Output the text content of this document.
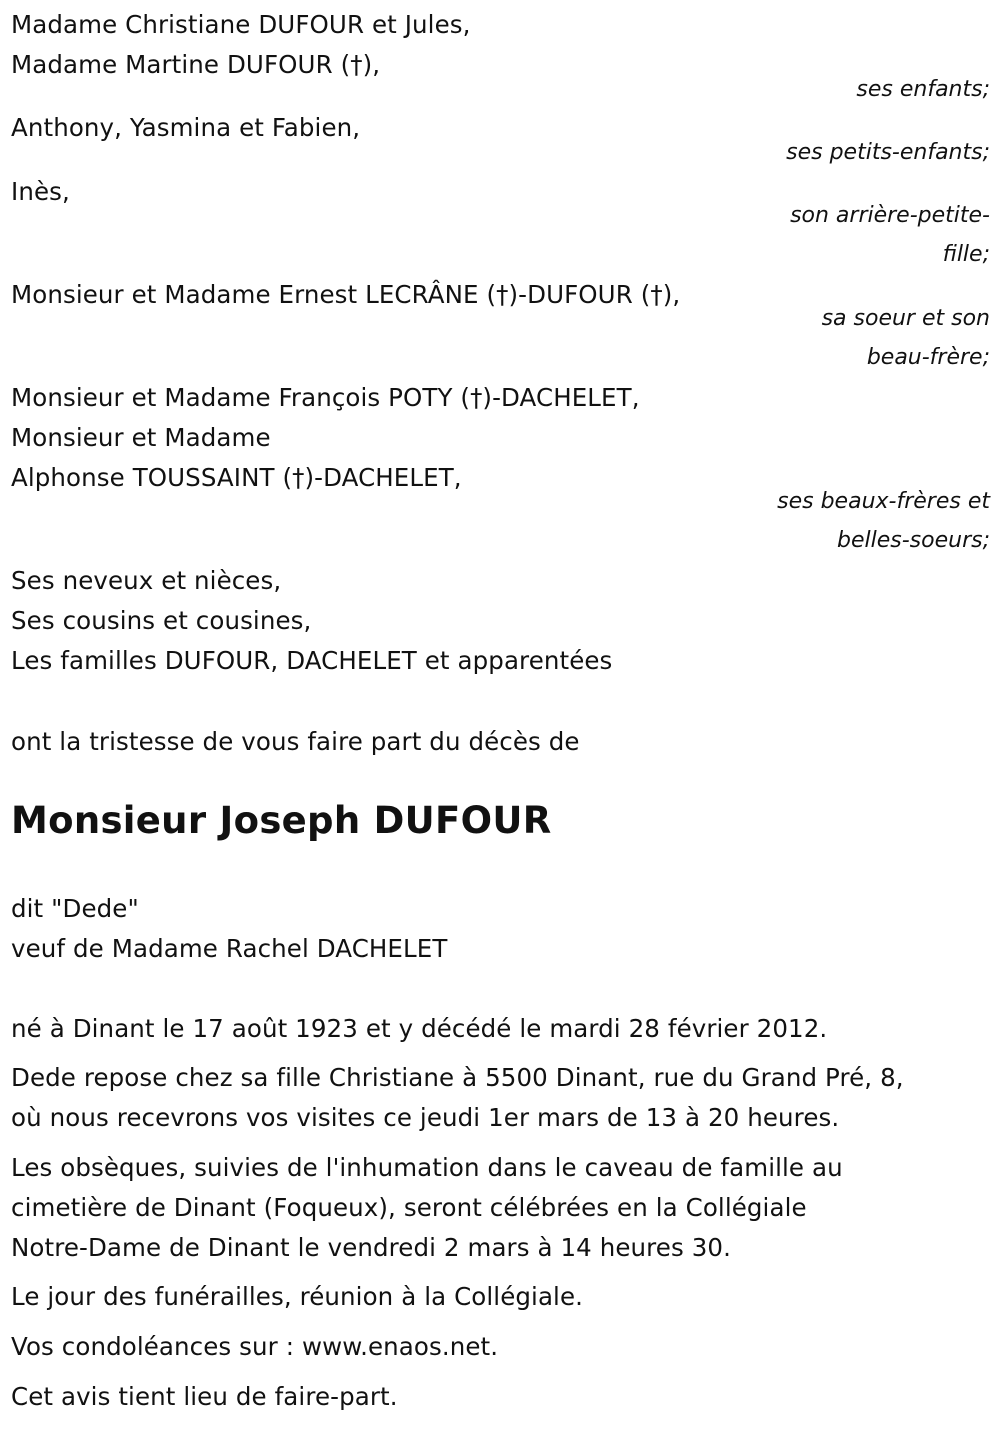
Madame Christiane DUFOUR et Jules,
Madame Martine DUFOUR (†),
ses enfants;
Anthony, Yasmina et Fabien,
ses petits-enfants;
Inès,
son arrière-petite-
fille;
Monsieur et Madame Ernest LECRÂNE (†)-DUFOUR (†),
sa soeur et son
beau-frère;
Monsieur et Madame François POTY (†)-DACHELET,
Monsieur et Madame
Alphonse TOUSSAINT (†)-DACHELET,
ses beaux-frères et
belles-soeurs;
Ses neveux et nièces,
Ses cousins et cousines,
Les familles DUFOUR, DACHELET et apparentées
ont la tristesse de vous faire part du décès de
Monsieur Joseph DUFOUR
dit "Dede"
veuf de Madame Rachel DACHELET
né à Dinant le 17 août 1923 et y décédé le mardi 28 février 2012.
Dede repose chez sa fille Christiane à 5500 Dinant, rue du Grand Pré, 8,
où nous recevrons vos visites ce jeudi 1er mars de 13 à 20 heures.
Les obsèques, suivies de l'inhumation dans le caveau de famille au
cimetière de Dinant (Foqueux), seront célébrées en la Collégiale
Notre-Dame de Dinant le vendredi 2 mars à 14 heures 30.
Le jour des funérailles, réunion à la Collégiale.
Vos condoléances sur : www.enaos.net.
Cet avis tient lieu de faire-part.
